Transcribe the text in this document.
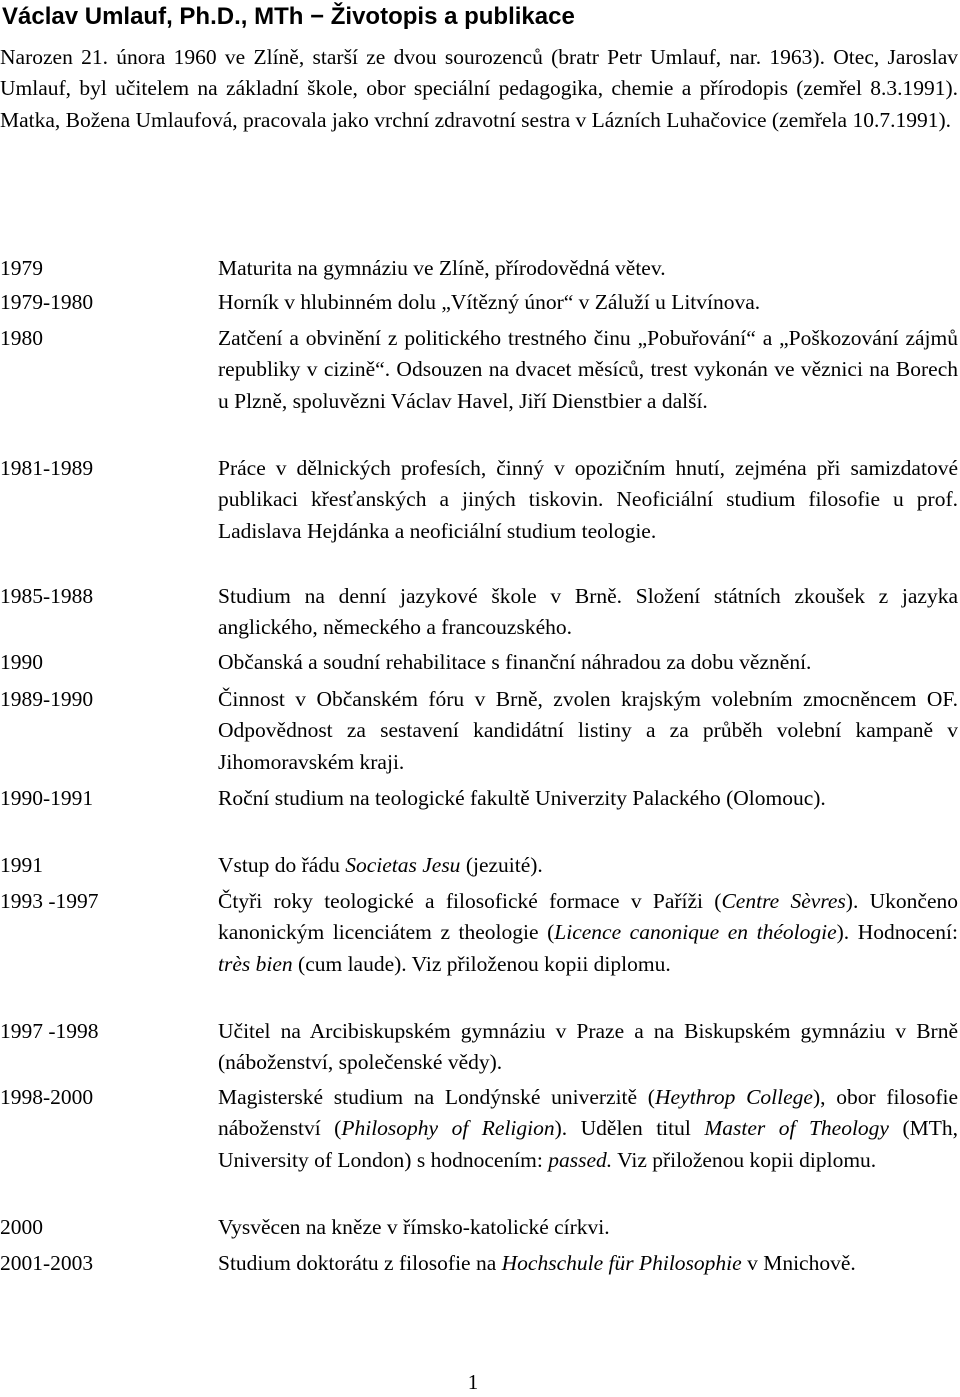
Václav Umlauf, Ph.D., MTh − Životopis a publikace

Narozen 21. února 1960 ve Zlíně, starší ze dvou sourozenců (bratr Petr Umlauf, nar. 1963). Otec, Jaroslav Umlauf, byl učitelem na základní škole, obor speciální pedagogika, chemie a přírodopis (zemřel 8.3.1991). Matka, Božena Umlaufová, pracovala jako vrchní zdravotní sestra v Lázních Luhačovice (zemřela 10.7.1991).

1979	Maturita na gymnáziu ve Zlíně, přírodovědná větev.
1979-1980	Horník v hlubinném dolu „Vítězný únor“ v Záluží u Litvínova.
1980	Zatčení a obvinění z politického trestného činu „Pobuřování“ a „Poškozování zájmů republiky v cizině“. Odsouzen na dvacet měsíců, trest vykonán ve věznici na Borech u Plzně, spoluvězni Václav Havel, Jiří Dienstbier a další.
1981-1989	Práce v dělnických profesích, činný v opozičním hnutí, zejména při samizdatové publikaci křesťanských a jiných tiskovin. Neoficiální studium filosofie u prof. Ladislava Hejdánka a neoficiální studium teologie.
1985-1988	Studium na denní jazykové škole v Brně. Složení státních zkoušek z jazyka anglického, německého a francouzského.
1990	Občanská a soudní rehabilitace s finanční náhradou za dobu věznění.
1989-1990	Činnost v Občanském fóru v Brně, zvolen krajským volebním zmocněncem OF. Odpovědnost za sestavení kandidátní listiny a za průběh volební kampaně v Jihomoravském kraji.
1990-1991	Roční studium na teologické fakultě Univerzity Palackého (Olomouc).
1991	Vstup do řádu Societas Jesu (jezuité).
1993 -1997	Čtyři roky teologické a filosofické formace v Paříži (Centre Sèvres). Ukončeno kanonickým licenciátem z theologie (Licence canonique en théologie). Hodnocení: très bien (cum laude). Viz přiloženou kopii diplomu.
1997 -1998	Učitel na Arcibiskupském gymnáziu v Praze a na Biskupském gymnáziu v Brně (náboženství, společenské vědy).
1998-2000	Magisterské studium na Londýnské univerzitě (Heythrop College), obor filosofie náboženství (Philosophy of Religion). Udělen titul Master of Theology (MTh, University of London) s hodnocením: passed. Viz přiloženou kopii diplomu.
2000	Vysvěcen na kněze v římsko-katolické církvi.
2001-2003	Studium doktorátu z filosofie na Hochschule für Philosophie v Mnichově.
1
